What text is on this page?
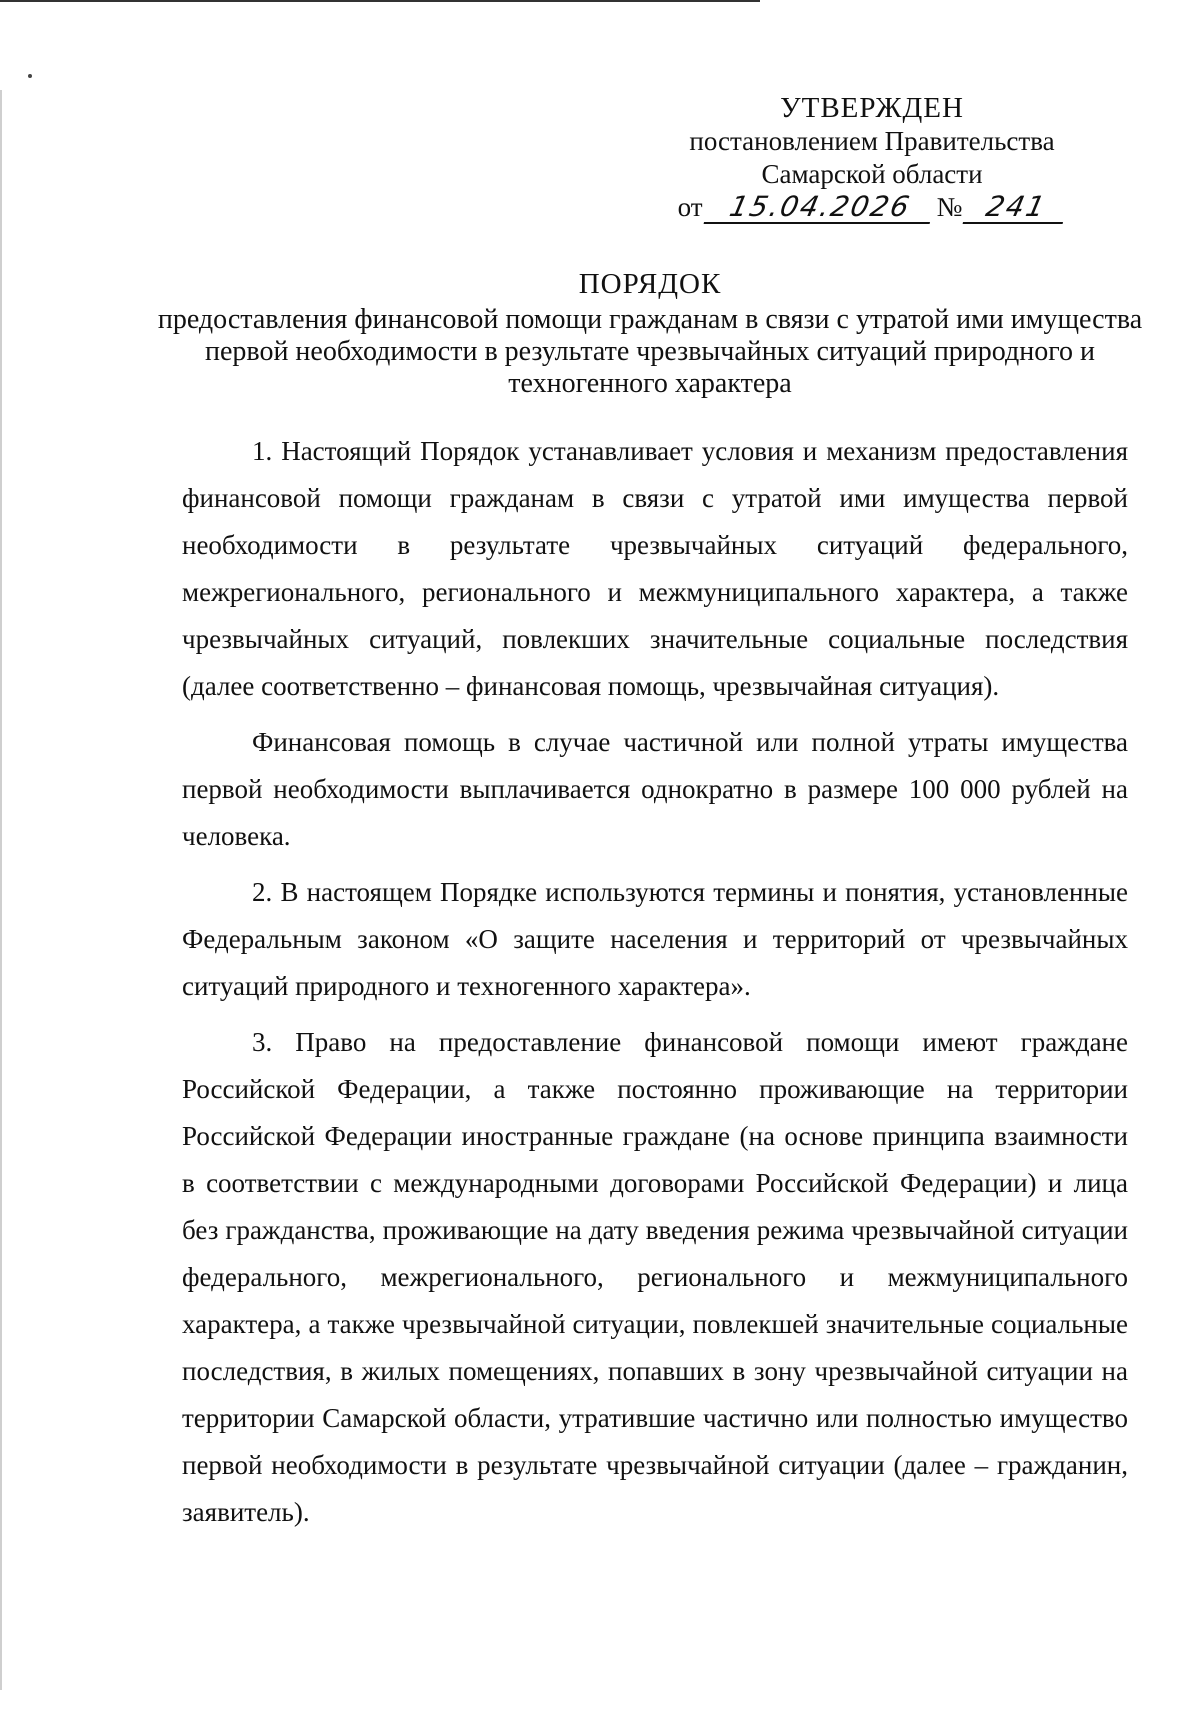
УТВЕРЖДЕН
постановлением Правительства
Самарской области
от 15.04.2026 № 241
ПОРЯДОК
предоставления финансовой помощи гражданам в связи с утратой ими имущества первой необходимости в результате чрезвычайных ситуаций природного и техногенного характера

1. Настоящий Порядок устанавливает условия и механизм предоставления финансовой помощи гражданам в связи с утратой ими имущества первой необходимости в результате чрезвычайных ситуаций федерального, межрегионального, регионального и межмуниципального характера, а также чрезвычайных ситуаций, повлекших значительные социальные последствия (далее соответственно – финансовая помощь, чрезвычайная ситуация).

Финансовая помощь в случае частичной или полной утраты имущества первой необходимости выплачивается однократно в размере 100 000 рублей на человека.

2. В настоящем Порядке используются термины и понятия, установленные Федеральным законом «О защите населения и территорий от чрезвычайных ситуаций природного и техногенного характера».

3. Право на предоставление финансовой помощи имеют граждане Российской Федерации, а также постоянно проживающие на территории Российской Федерации иностранные граждане (на основе принципа взаимности в соответствии с международными договорами Российской Федерации) и лица без гражданства, проживающие на дату введения режима чрезвычайной ситуации федерального, межрегионального, регионального и межмуниципального характера, а также чрезвычайной ситуации, повлекшей значительные социальные последствия, в жилых помещениях, попавших в зону чрезвычайной ситуации на территории Самарской области, утратившие частично или полностью имущество первой необходимости в результате чрезвычайной ситуации (далее – гражданин, заявитель).
